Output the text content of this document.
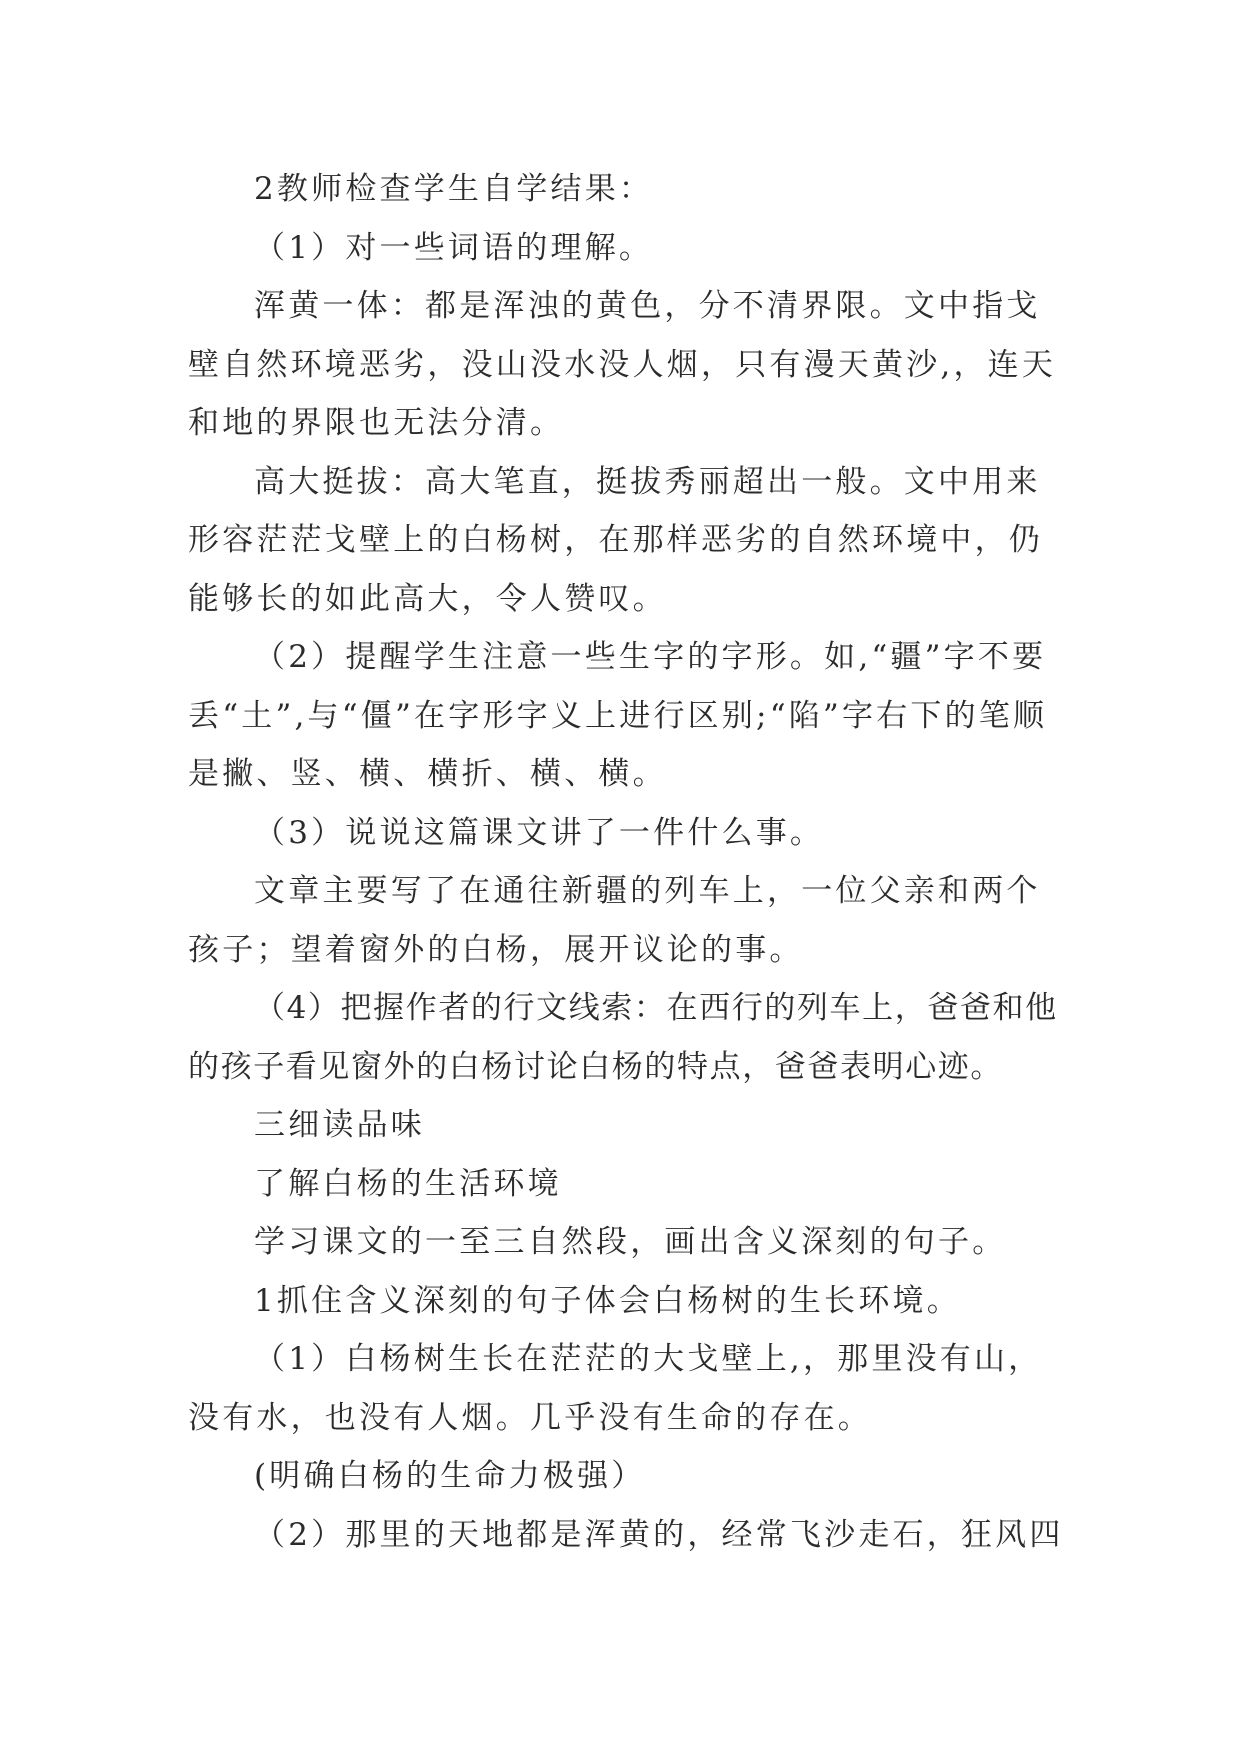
2教师检查学生自学结果：

（1）对一些词语的理解。

浑黄一体：都是浑浊的黄色，分不清界限。文中指戈壁自然环境恶劣，没山没水没人烟，只有漫天黄沙,，连天和地的界限也无法分清。

高大挺拔：高大笔直，挺拔秀丽超出一般。文中用来形容茫茫戈壁上的白杨树，在那样恶劣的自然环境中，仍能够长的如此高大，令人赞叹。

（2）提醒学生注意一些生字的字形。如,“疆”字不要丢“土”,与“僵”在字形字义上进行区别;“陷”字右下的笔顺是撇、竖、横、横折、横、横。

（3）说说这篇课文讲了一件什么事。

文章主要写了在通往新疆的列车上，一位父亲和两个孩子；望着窗外的白杨，展开议论的事。

（4）把握作者的行文线索：在西行的列车上，爸爸和他的孩子看见窗外的白杨讨论白杨的特点，爸爸表明心迹。

三细读品味

了解白杨的生活环境

学习课文的一至三自然段，画出含义深刻的句子。

1抓住含义深刻的句子体会白杨树的生长环境。

（1）白杨树生长在茫茫的大戈壁上,，那里没有山，没有水，也没有人烟。几乎没有生命的存在。

(明确白杨的生命力极强）

（2）那里的天地都是浑黄的，经常飞沙走石，狂风四
